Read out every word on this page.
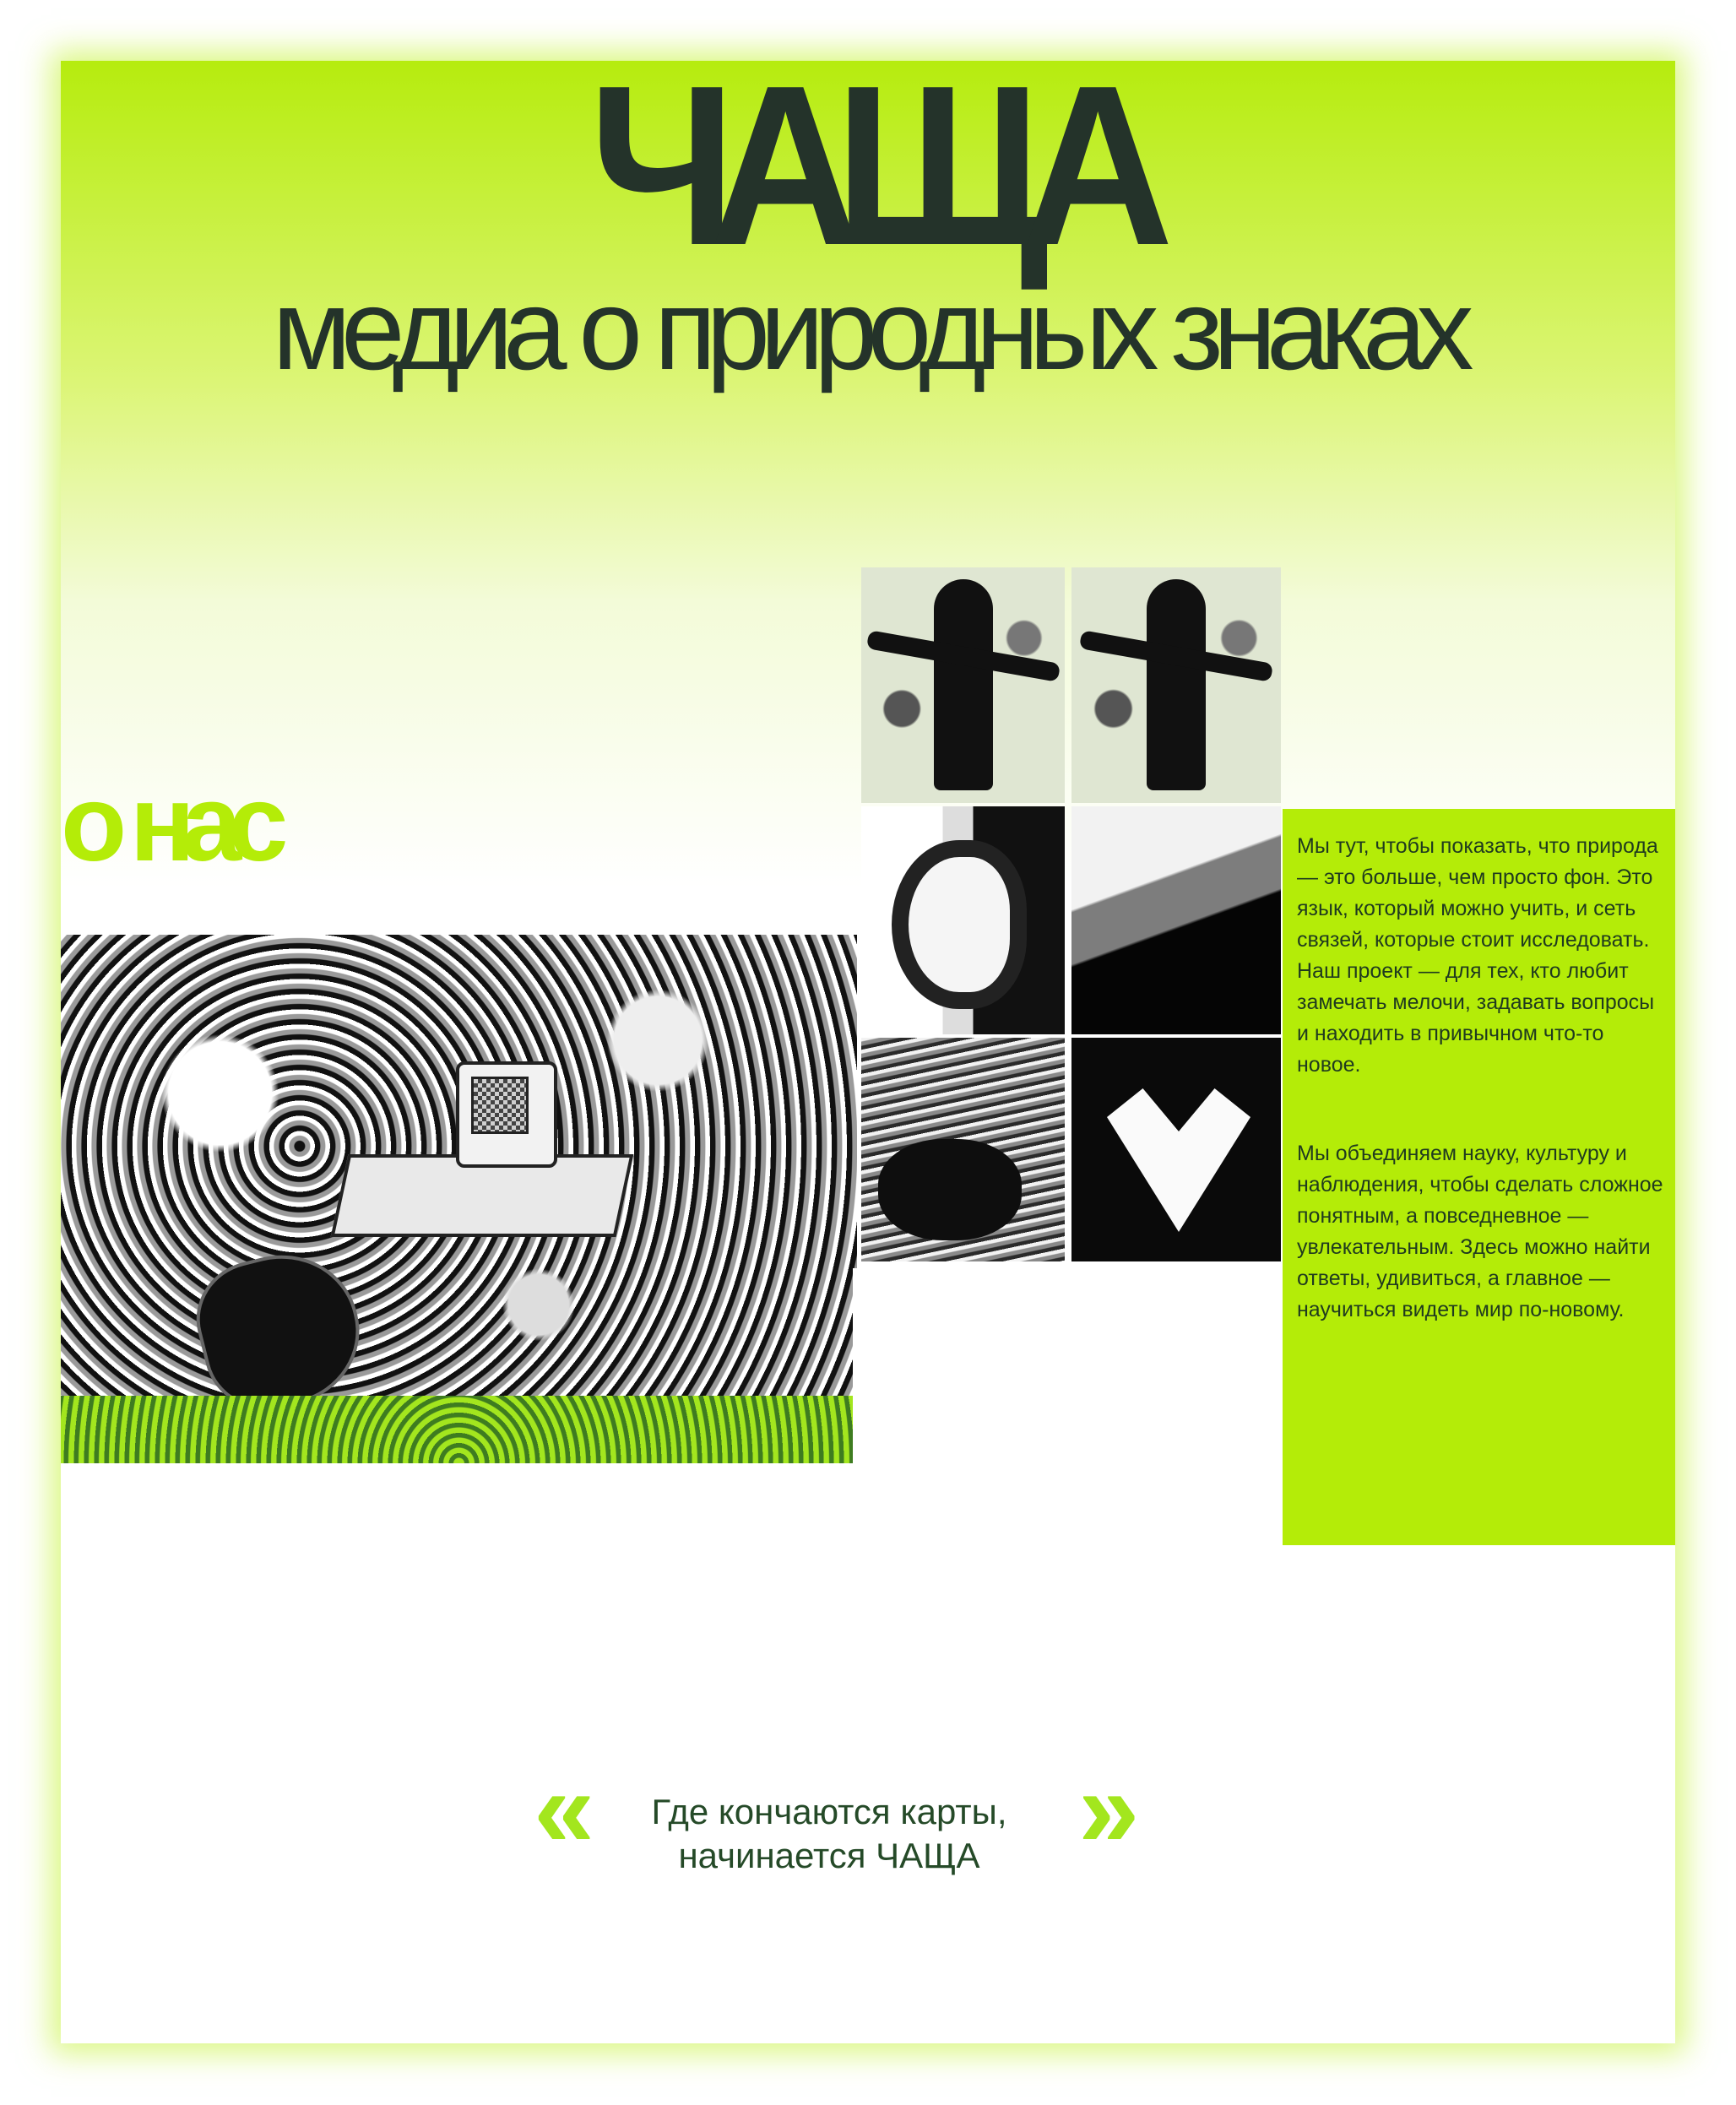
ЧАЩА
медиа о природных знаках
о нас	Мы тут, чтобы показать, что природа — это больше, чем просто фон. Это язык, который можно учить, и сеть связей, которые стоит исследовать. Наш проект — для тех, кто любит замечать мелочи, задавать вопросы и находить в привычном что-то новое.
Мы объединяем науку, культуру и наблюдения, чтобы сделать сложное понятным, а повседневное — увлекательным. Здесь можно найти ответы, удивиться, а главное — научиться видеть мир по-новому.
«	Где кончаются карты,
начинается ЧАЩА »
